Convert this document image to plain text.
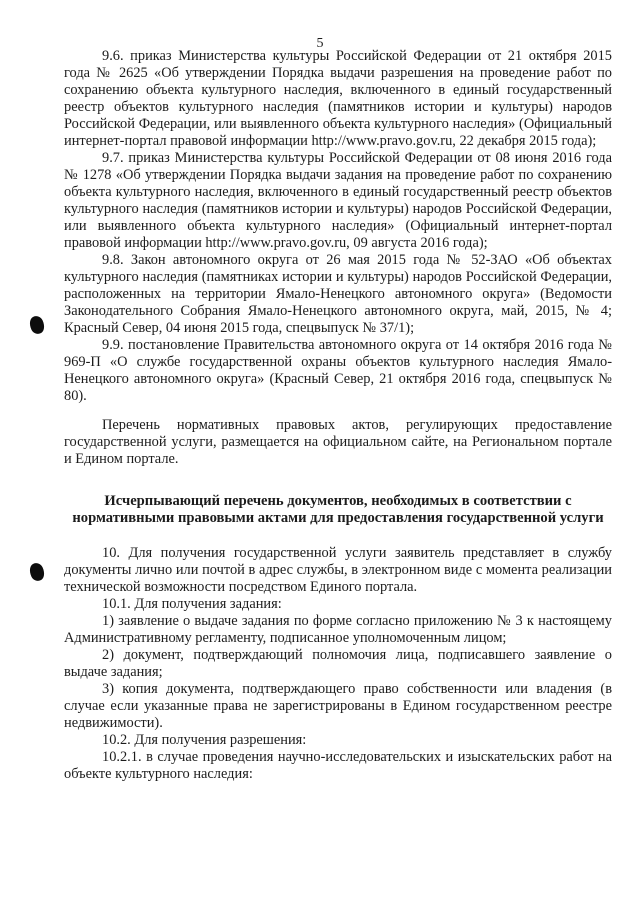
5

9.6. приказ Министерства культуры Российской Федерации от 21 октября 2015 года № 2625 «Об утверждении Порядка выдачи разрешения на проведение работ по сохранению объекта культурного наследия, включенного в единый государственный реестр объектов культурного наследия (памятников истории и культуры) народов Российской Федерации, или выявленного объекта культурного наследия» (Официальный интернет-портал правовой информации http://www.pravo.gov.ru, 22 декабря 2015 года);

9.7. приказ Министерства культуры Российской Федерации от 08 июня 2016 года № 1278 «Об утверждении Порядка выдачи задания на проведение работ по сохранению объекта культурного наследия, включенного в единый государственный реестр объектов культурного наследия (памятников истории и культуры) народов Российской Федерации, или выявленного объекта культурного наследия» (Официальный интернет-портал правовой информации http://www.pravo.gov.ru, 09 августа 2016 года);

9.8. Закон автономного округа от 26 мая 2015 года № 52-ЗАО «Об объектах культурного наследия (памятниках истории и культуры) народов Российской Федерации, расположенных на территории Ямало-Ненецкого автономного округа» (Ведомости Законодательного Собрания Ямало-Ненецкого автономного округа, май, 2015, № 4; Красный Север, 04 июня 2015 года, спецвыпуск № 37/1);

9.9. постановление Правительства автономного округа от 14 октября 2016 года № 969-П «О службе государственной охраны объектов культурного наследия Ямало-Ненецкого автономного округа» (Красный Север, 21 октября 2016 года, спецвыпуск № 80).

Перечень нормативных правовых актов, регулирующих предоставление государственной услуги, размещается на официальном сайте, на Региональном портале и Едином портале.

Исчерпывающий перечень документов, необходимых в соответствии с нормативными правовыми актами для предоставления государственной услуги

10. Для получения государственной услуги заявитель представляет в службу документы лично или почтой в адрес службы, в электронном виде с момента реализации технической возможности посредством Единого портала.

10.1. Для получения задания:

1) заявление о выдаче задания по форме согласно приложению № 3 к настоящему Административному регламенту, подписанное уполномоченным лицом;

2) документ, подтверждающий полномочия лица, подписавшего заявление о выдаче задания;

3) копия документа, подтверждающего право собственности или владения (в случае если указанные права не зарегистрированы в Едином государственном реестре недвижимости).

10.2. Для получения разрешения:

10.2.1. в случае проведения научно-исследовательских и изыскательских работ на объекте культурного наследия:
